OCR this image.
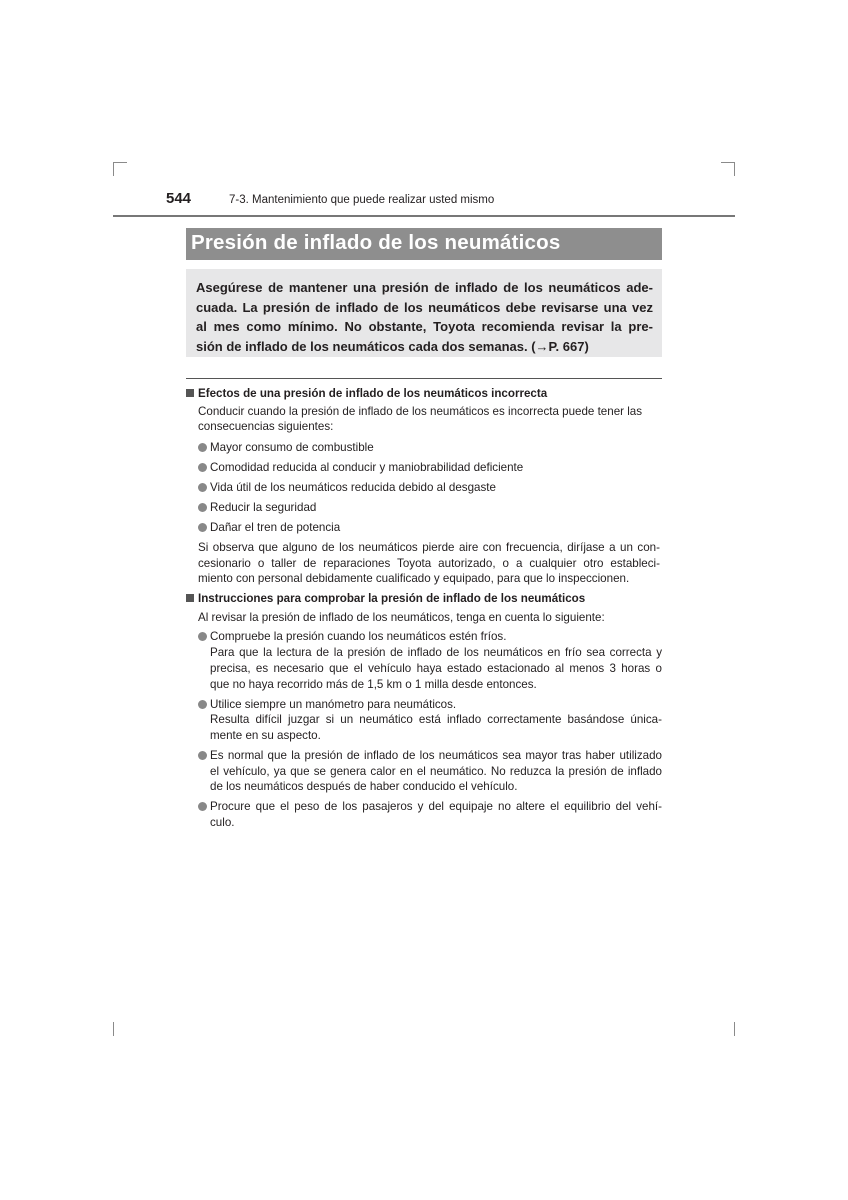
544	7-3. Mantenimiento que puede realizar usted mismo
Presión de inflado de los neumáticos
Asegúrese de mantener una presión de inflado de los neumáticos ade-
cuada. La presión de inflado de los neumáticos debe revisarse una vez
al mes como mínimo. No obstante, Toyota recomienda revisar la pre-
sión de inflado de los neumáticos cada dos semanas. (→P. 667)
Efectos de una presión de inflado de los neumáticos incorrecta
Conducir cuando la presión de inflado de los neumáticos es incorrecta puede tener las
consecuencias siguientes:
Mayor consumo de combustible
Comodidad reducida al conducir y maniobrabilidad deficiente
Vida útil de los neumáticos reducida debido al desgaste
Reducir la seguridad
Dañar el tren de potencia
Si observa que alguno de los neumáticos pierde aire con frecuencia, diríjase a un con-
cesionario o taller de reparaciones Toyota autorizado, o a cualquier otro estableci-
miento con personal debidamente cualificado y equipado, para que lo inspeccionen.
Instrucciones para comprobar la presión de inflado de los neumáticos
Al revisar la presión de inflado de los neumáticos, tenga en cuenta lo siguiente:
Compruebe la presión cuando los neumáticos estén fríos.
Para que la lectura de la presión de inflado de los neumáticos en frío sea correcta y
precisa, es necesario que el vehículo haya estado estacionado al menos 3 horas o
que no haya recorrido más de 1,5 km o 1 milla desde entonces.
Utilice siempre un manómetro para neumáticos.
Resulta difícil juzgar si un neumático está inflado correctamente basándose única-
mente en su aspecto.
Es normal que la presión de inflado de los neumáticos sea mayor tras haber utilizado
el vehículo, ya que se genera calor en el neumático. No reduzca la presión de inflado
de los neumáticos después de haber conducido el vehículo.
Procure que el peso de los pasajeros y del equipaje no altere el equilibrio del vehí-
culo.
